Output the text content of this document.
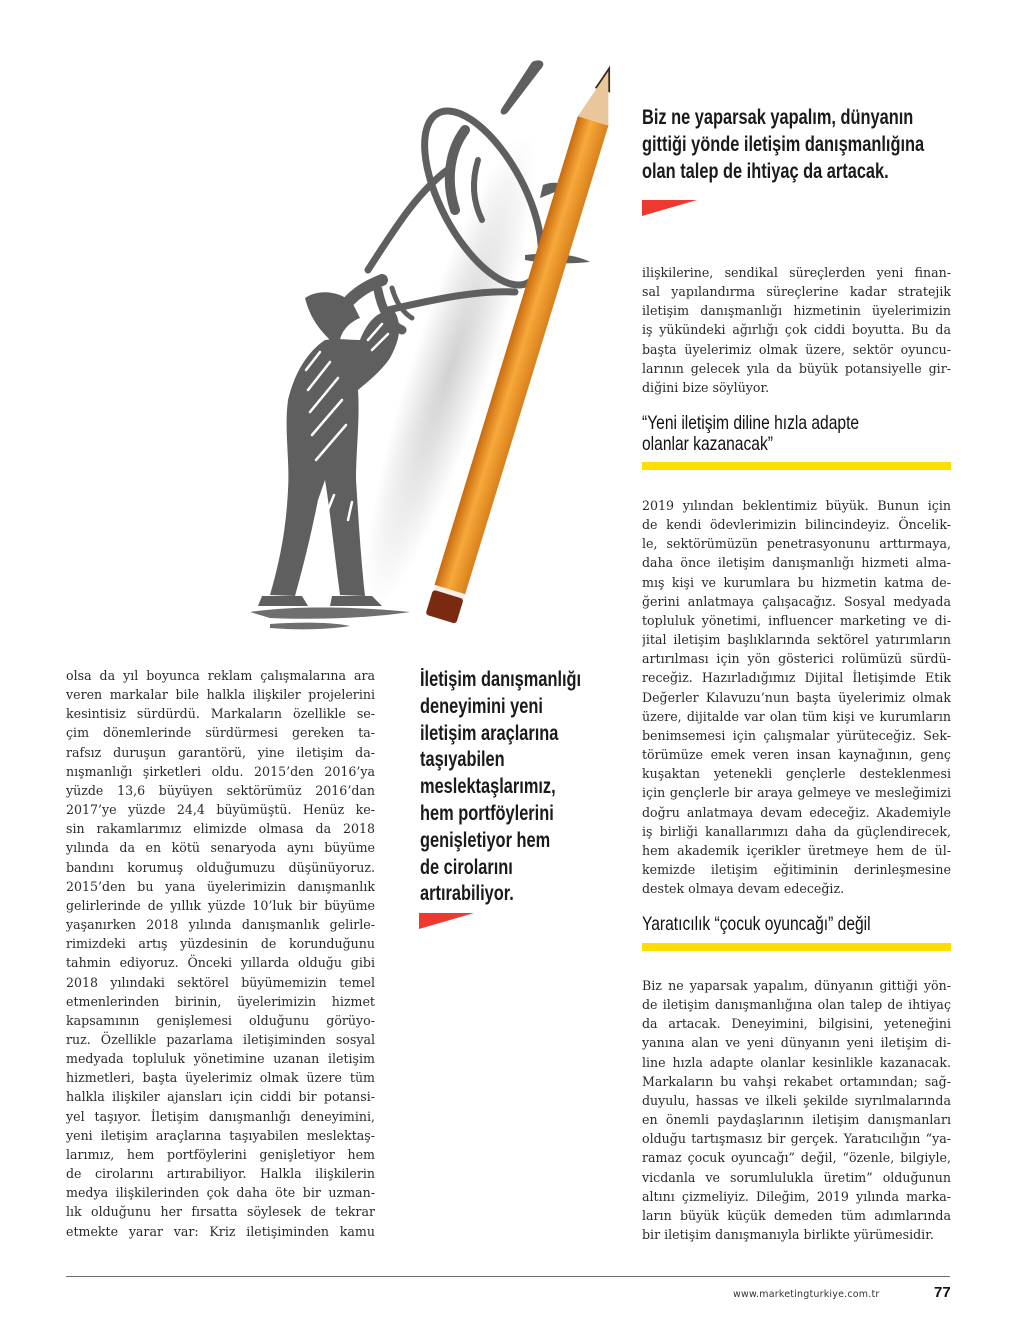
Biz ne yaparsak yapalım, dünyanın
gittiği yönde iletişim danışmanlığına
olan talep de ihtiyaç da artacak.
ilişkilerine, sendikal süreçlerden yeni finan-
sal yapılandırma süreçlerine kadar stratejik
iletişim danışmanlığı hizmetinin üyelerimizin
iş yükündeki ağırlığı çok ciddi boyutta. Bu da
başta üyelerimiz olmak üzere, sektör oyuncu-
larının gelecek yıla da büyük potansiyelle gir-
diğini bize söylüyor.
“Yeni iletişim diline hızla adapte
olanlar kazanacak”
2019 yılından beklentimiz büyük. Bunun için
de kendi ödevlerimizin bilincindeyiz. Öncelik-
le, sektörümüzün penetrasyonunu arttırmaya,
daha önce iletişim danışmanlığı hizmeti alma-
mış kişi ve kurumlara bu hizmetin katma de-
ğerini anlatmaya çalışacağız. Sosyal medyada
topluluk yönetimi, influencer marketing ve di-
jital iletişim başlıklarında sektörel yatırımların
artırılması için yön gösterici rolümüzü sürdü-
receğiz. Hazırladığımız Dijital İletişimde Etik
Değerler Kılavuzu’nun başta üyelerimiz olmak
üzere, dijitalde var olan tüm kişi ve kurumların
benimsemesi için çalışmalar yürüteceğiz. Sek-
törümüze emek veren insan kaynağının, genç
kuşaktan yetenekli gençlerle desteklenmesi
için gençlerle bir araya gelmeye ve mesleğimizi
doğru anlatmaya devam edeceğiz. Akademiyle
iş birliği kanallarımızı daha da güçlendirecek,
hem akademik içerikler üretmeye hem de ül-
kemizde iletişim eğitiminin derinleşmesine
destek olmaya devam edeceğiz.
Yaratıcılık “çocuk oyuncağı” değil
Biz ne yaparsak yapalım, dünyanın gittiği yön-
de iletişim danışmanlığına olan talep de ihtiyaç
da artacak. Deneyimini, bilgisini, yeteneğini
yanına alan ve yeni dünyanın yeni iletişim di-
line hızla adapte olanlar kesinlikle kazanacak.
Markaların bu vahşi rekabet ortamından; sağ-
duyulu, hassas ve ilkeli şekilde sıyrılmalarında
en önemli paydaşlarının iletişim danışmanları
olduğu tartışmasız bir gerçek. Yaratıcılığın “ya-
ramaz çocuk oyuncağı” değil, “özenle, bilgiyle,
vicdanla ve sorumlulukla üretim” olduğunun
altını çizmeliyiz. Dileğim, 2019 yılında marka-
ların büyük küçük demeden tüm adımlarında
bir iletişim danışmanıyla birlikte yürümesidir.
olsa da yıl boyunca reklam çalışmalarına ara
veren markalar bile halkla ilişkiler projelerini
kesintisiz sürdürdü. Markaların özellikle se-
çim dönemlerinde sürdürmesi gereken ta-
rafsız duruşun garantörü, yine iletişim da-
nışmanlığı şirketleri oldu. 2015’den 2016’ya
yüzde 13,6 büyüyen sektörümüz 2016’dan
2017’ye yüzde 24,4 büyümüştü. Henüz ke-
sin rakamlarımız elimizde olmasa da 2018
yılında da en kötü senaryoda aynı büyüme
bandını korumuş olduğumuzu düşünüyoruz.
2015’den bu yana üyelerimizin danışmanlık
gelirlerinde de yıllık yüzde 10’luk bir büyüme
yaşanırken 2018 yılında danışmanlık gelirle-
rimizdeki artış yüzdesinin de korunduğunu
tahmin ediyoruz. Önceki yıllarda olduğu gibi
2018 yılındaki sektörel büyümemizin temel
etmenlerinden birinin, üyelerimizin hizmet
kapsamının genişlemesi olduğunu görüyo-
ruz. Özellikle pazarlama iletişiminden sosyal
medyada topluluk yönetimine uzanan iletişim
hizmetleri, başta üyelerimiz olmak üzere tüm
halkla ilişkiler ajansları için ciddi bir potansi-
yel taşıyor. İletişim danışmanlığı deneyimini,
yeni iletişim araçlarına taşıyabilen meslektaş-
larımız, hem portföylerini genişletiyor hem
de cirolarını artırabiliyor. Halkla ilişkilerin
medya ilişkilerinden çok daha öte bir uzman-
lık olduğunu her fırsatta söylesek de tekrar
etmekte yarar var: Kriz iletişiminden kamu
İletişim danışmanlığı
deneyimini yeni
iletişim araçlarına
taşıyabilen
meslektaşlarımız,
hem portföylerini
genişletiyor hem
de cirolarını
artırabiliyor.
www.marketingturkiye.com.tr	77
